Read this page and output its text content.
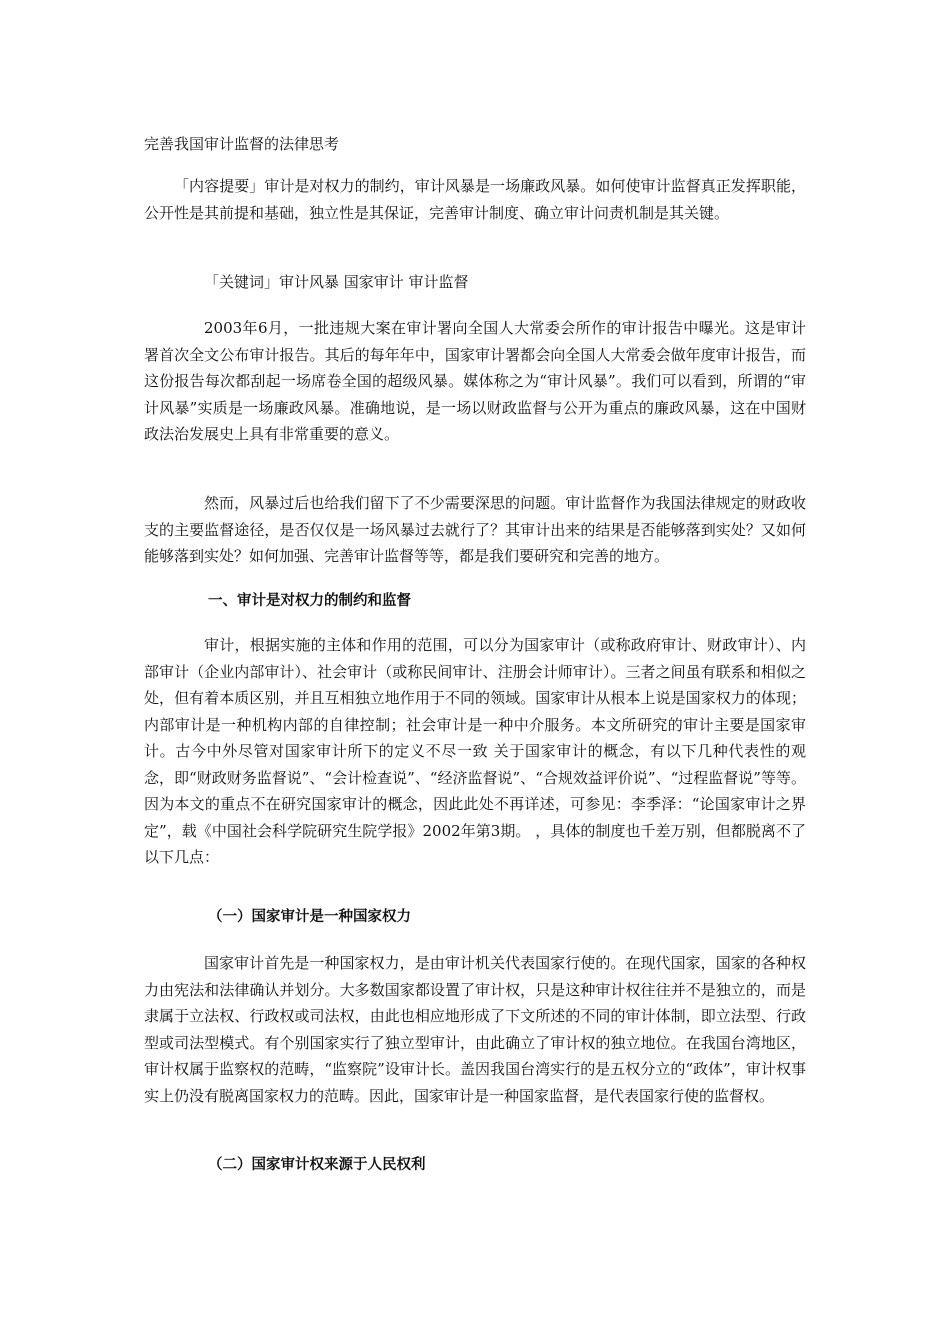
完善我国审计监督的法律思考

「内容提要」审计是对权力的制约，审计风暴是一场廉政风暴。如何使审计监督真正发挥职能，公开性是其前提和基础，独立性是其保证，完善审计制度、确立审计问责机制是其关键。

「关键词」审计风暴 国家审计 审计监督

2003年6月，一批违规大案在审计署向全国人大常委会所作的审计报告中曝光。这是审计署首次全文公布审计报告。其后的每年年中，国家审计署都会向全国人大常委会做年度审计报告，而这份报告每次都刮起一场席卷全国的超级风暴。媒体称之为“审计风暴”。我们可以看到，所谓的“审计风暴”实质是一场廉政风暴。准确地说，是一场以财政监督与公开为重点的廉政风暴，这在中国财政法治发展史上具有非常重要的意义。

然而，风暴过后也给我们留下了不少需要深思的问题。审计监督作为我国法律规定的财政收支的主要监督途径，是否仅仅是一场风暴过去就行了？其审计出来的结果是否能够落到实处？又如何能够落到实处？如何加强、完善审计监督等等，都是我们要研究和完善的地方。

一、审计是对权力的制约和监督

审计，根据实施的主体和作用的范围，可以分为国家审计（或称政府审计、财政审计）、内部审计（企业内部审计）、社会审计（或称民间审计、注册会计师审计）。三者之间虽有联系和相似之处，但有着本质区别，并且互相独立地作用于不同的领域。国家审计从根本上说是国家权力的体现；内部审计是一种机构内部的自律控制；社会审计是一种中介服务。本文所研究的审计主要是国家审计。古今中外尽管对国家审计所下的定义不尽一致 关于国家审计的概念，有以下几种代表性的观念，即“财政财务监督说”、“会计检查说”、“经济监督说”、“合规效益评价说”、“过程监督说”等等。因为本文的重点不在研究国家审计的概念，因此此处不再详述，可参见：李季泽：“论国家审计之界定”，载《中国社会科学院研究生院学报》2002年第3期。 ，具体的制度也千差万别，但都脱离不了以下几点：

（一）国家审计是一种国家权力

国家审计首先是一种国家权力，是由审计机关代表国家行使的。在现代国家，国家的各种权力由宪法和法律确认并划分。大多数国家都设置了审计权，只是这种审计权往往并不是独立的，而是隶属于立法权、行政权或司法权，由此也相应地形成了下文所述的不同的审计体制，即立法型、行政型或司法型模式。有个别国家实行了独立型审计，由此确立了审计权的独立地位。在我国台湾地区，审计权属于监察权的范畴，“监察院”设审计长。盖因我国台湾实行的是五权分立的“政体”，审计权事实上仍没有脱离国家权力的范畴。因此，国家审计是一种国家监督，是代表国家行使的监督权。

（二）国家审计权来源于人民权利
